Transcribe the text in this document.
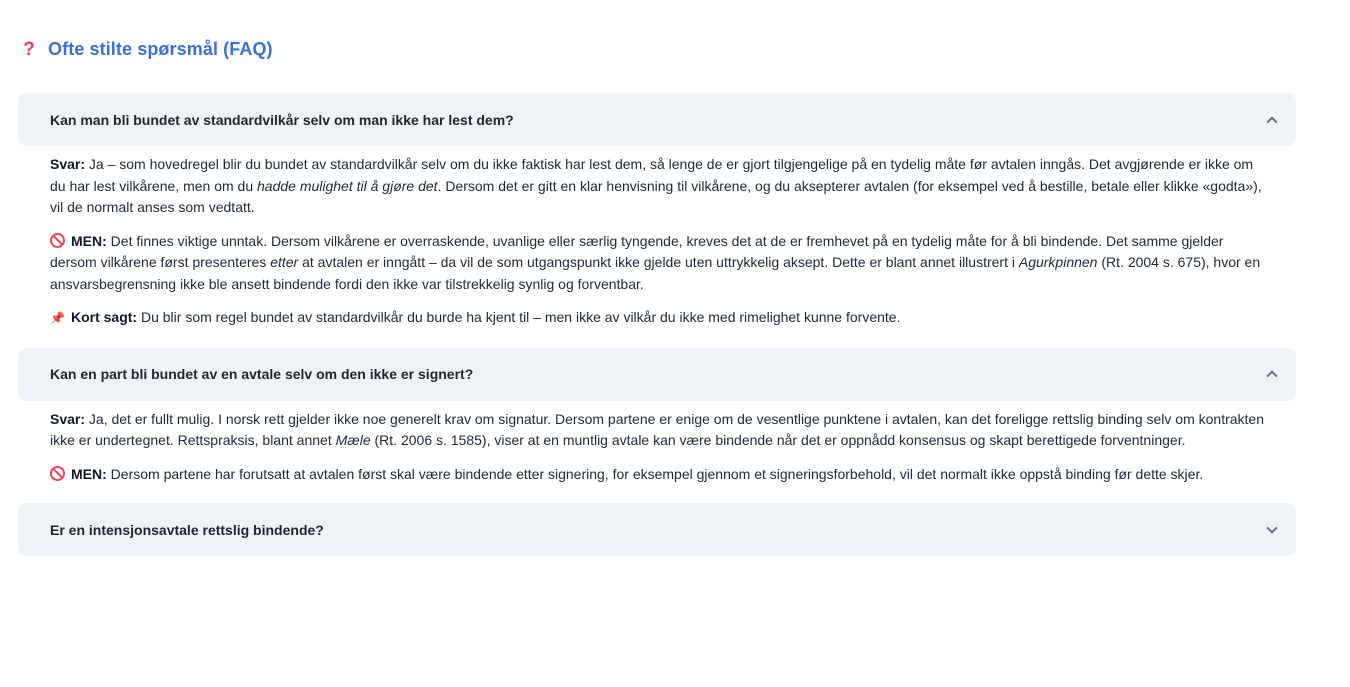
? Ofte stilte spørsmål (FAQ)
Kan man bli bundet av standardvilkår selv om man ikke har lest dem?

Svar: Ja – som hovedregel blir du bundet av standardvilkår selv om du ikke faktisk har lest dem, så lenge de er gjort tilgjengelige på en tydelig måte før avtalen inngås. Det avgjørende er ikke om du har lest vilkårene, men om du hadde mulighet til å gjøre det. Dersom det er gitt en klar henvisning til vilkårene, og du aksepterer avtalen (for eksempel ved å bestille, betale eller klikke «godta»), vil de normalt anses som vedtatt.

MEN: Det finnes viktige unntak. Dersom vilkårene er overraskende, uvanlige eller særlig tyngende, kreves det at de er fremhevet på en tydelig måte for å bli bindende. Det samme gjelder dersom vilkårene først presenteres etter at avtalen er inngått – da vil de som utgangspunkt ikke gjelde uten uttrykkelig aksept. Dette er blant annet illustrert i Agurkpinnen (Rt. 2004 s. 675), hvor en ansvarsbegrensning ikke ble ansett bindende fordi den ikke var tilstrekkelig synlig og forventbar.

📌 Kort sagt: Du blir som regel bundet av standardvilkår du burde ha kjent til – men ikke av vilkår du ikke med rimelighet kunne forvente.

Kan en part bli bundet av en avtale selv om den ikke er signert?

Svar: Ja, det er fullt mulig. I norsk rett gjelder ikke noe generelt krav om signatur. Dersom partene er enige om de vesentlige punktene i avtalen, kan det foreligge rettslig binding selv om kontrakten ikke er undertegnet. Rettspraksis, blant annet Mæle (Rt. 2006 s. 1585), viser at en muntlig avtale kan være bindende når det er oppnådd konsensus og skapt berettigede forventninger.

MEN: Dersom partene har forutsatt at avtalen først skal være bindende etter signering, for eksempel gjennom et signeringsforbehold, vil det normalt ikke oppstå binding før dette skjer.

Er en intensjonsavtale rettslig bindende?
